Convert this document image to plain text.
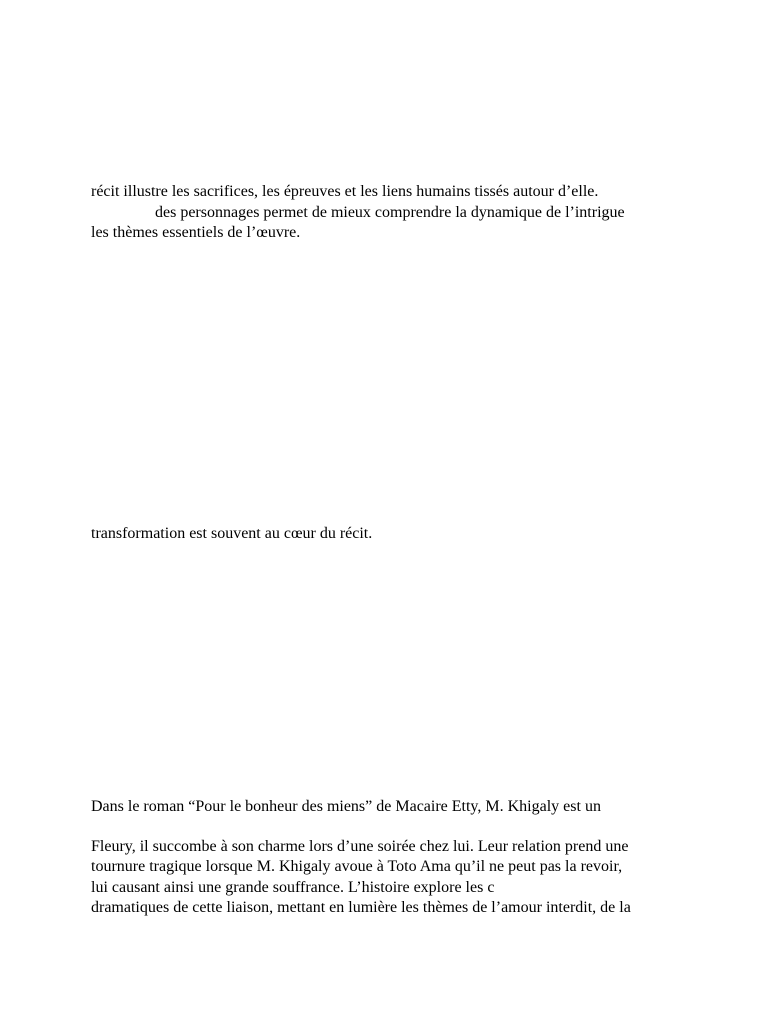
récit illustre les sacrifices, les épreuves et les liens humains tissés autour d’elle.
des personnages permet de mieux comprendre la dynamique de l’intrigue
les thèmes essentiels de l’œuvre.
transformation est souvent au cœur du récit.
Dans le roman “Pour le bonheur des miens” de Macaire Etty, M. Khigaly est un
Fleury, il succombe à son charme lors d’une soirée chez lui. Leur relation prend une
tournure tragique lorsque M. Khigaly avoue à Toto Ama qu’il ne peut pas la revoir,
lui causant ainsi une grande souffrance. L’histoire explore les c
dramatiques de cette liaison, mettant en lumière les thèmes de l’amour interdit, de la
